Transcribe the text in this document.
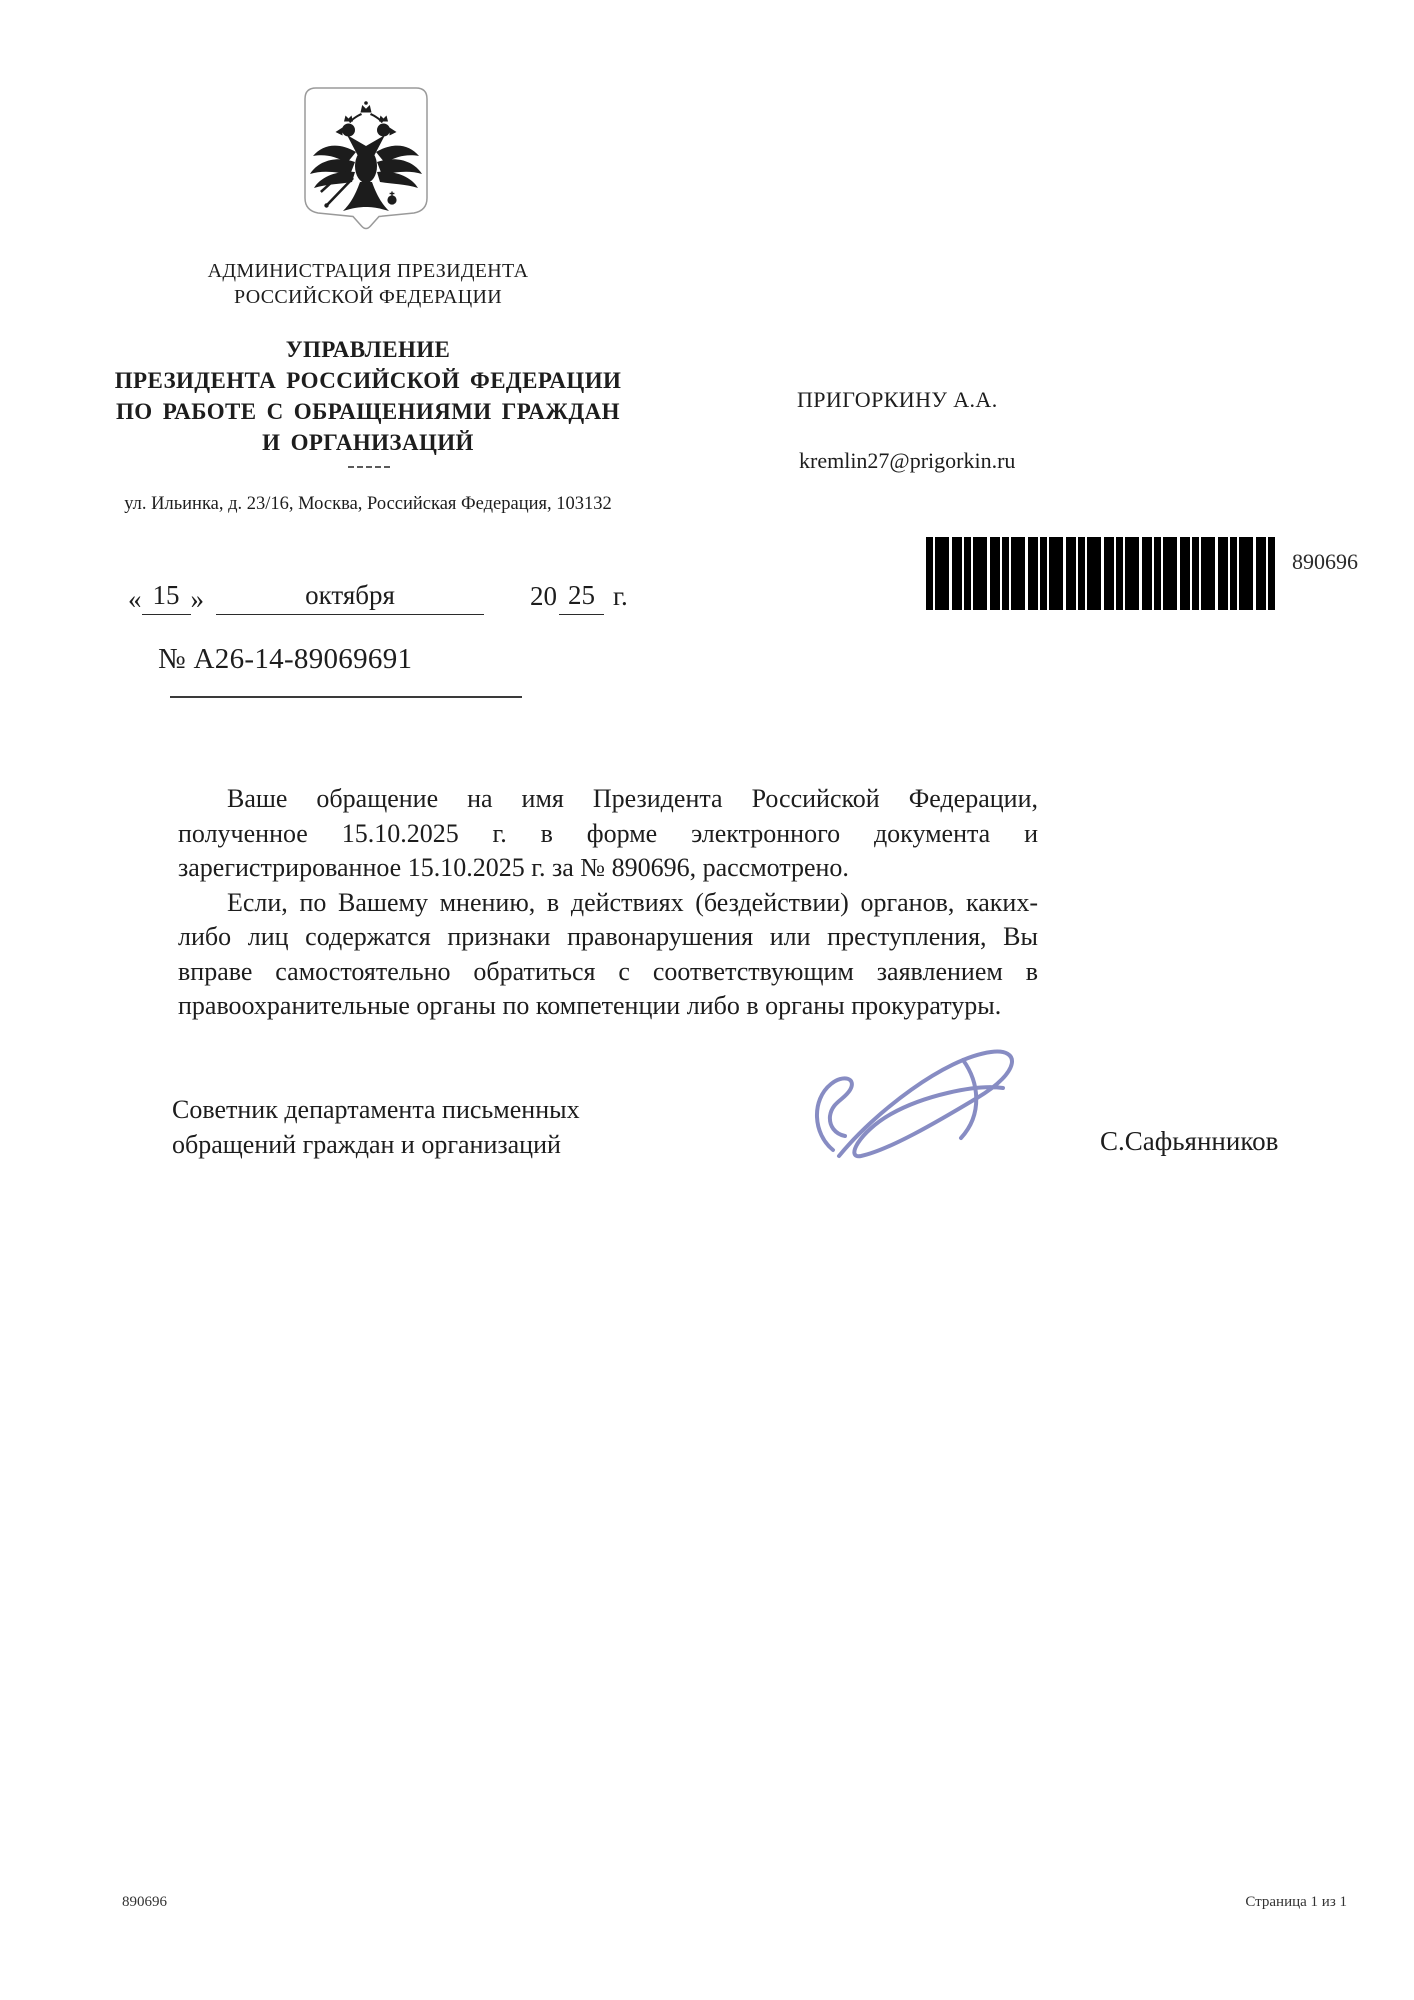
АДМИНИСТРАЦИЯ ПРЕЗИДЕНТА
РОССИЙСКОЙ ФЕДЕРАЦИИ
УПРАВЛЕНИЕ
ПРЕЗИДЕНТА РОССИЙСКОЙ ФЕДЕРАЦИИ
ПО РАБОТЕ С ОБРАЩЕНИЯМИ ГРАЖДАН
И ОРГАНИЗАЦИЙ
ул. Ильинка, д. 23/16, Москва, Российская Федерация, 103132
ПРИГОРКИНУ А.А.
kremlin27@prigorkin.ru
890696
« 15 »	октября	20 25 г.
№ А26-14-89069691

Ваше обращение на имя Президента Российской Федерации, полученное 15.10.2025 г. в форме электронного документа и зарегистрированное 15.10.2025 г. за № 890696, рассмотрено.

Если, по Вашему мнению, в действиях (бездействии) органов, каких-либо лиц содержатся признаки правонарушения или преступления, Вы вправе самостоятельно обратиться с соответствующим заявлением в правоохранительные органы по компетенции либо в органы прокуратуры.

Советник департамента письменных
обращений граждан и организаций	С.Сафьянников
890696	Страница 1 из 1
